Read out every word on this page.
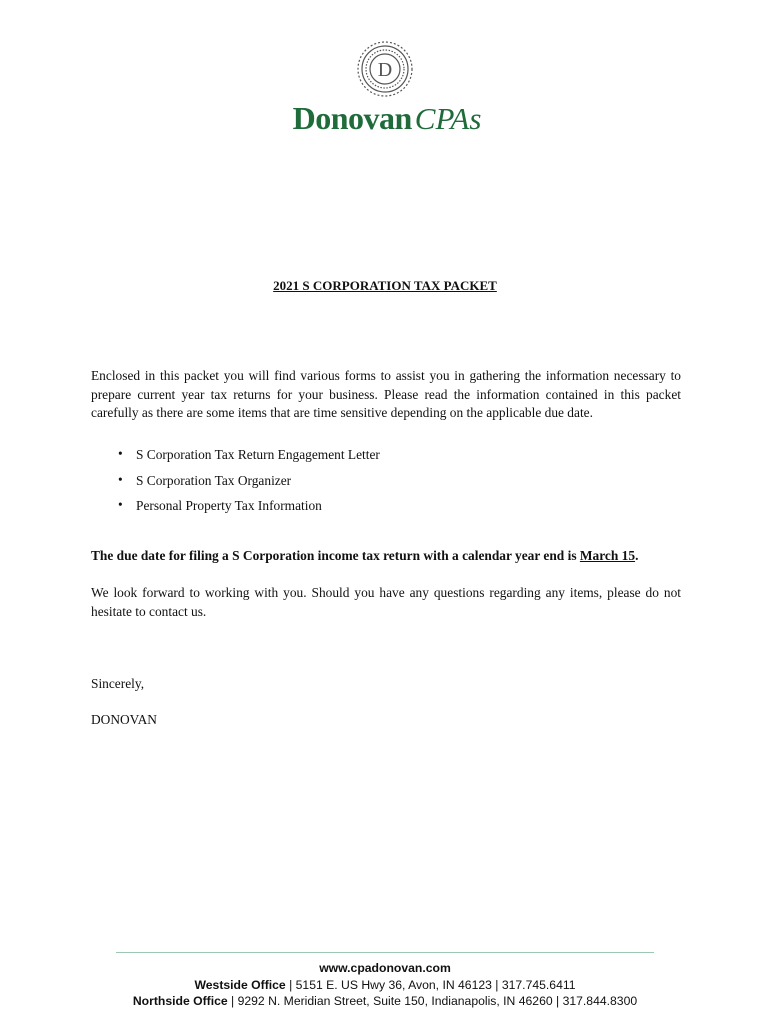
D
DonovanCPAs
2021 S CORPORATION TAX PACKET
Enclosed in this packet you will find various forms to assist you in gathering the information necessary to prepare current year tax returns for your business. Please read the information contained in this packet carefully as there are some items that are time sensitive depending on the applicable due date.
• S Corporation Tax Return Engagement Letter
• S Corporation Tax Organizer
• Personal Property Tax Information
The due date for filing a S Corporation income tax return with a calendar year end is March 15.
We look forward to working with you. Should you have any questions regarding any items, please do not hesitate to contact us.
Sincerely,
DONOVAN
www.cpadonovan.com
Westside Office | 5151 E. US Hwy 36, Avon, IN 46123 | 317.745.6411
Northside Office | 9292 N. Meridian Street, Suite 150, Indianapolis, IN 46260 | 317.844.8300
